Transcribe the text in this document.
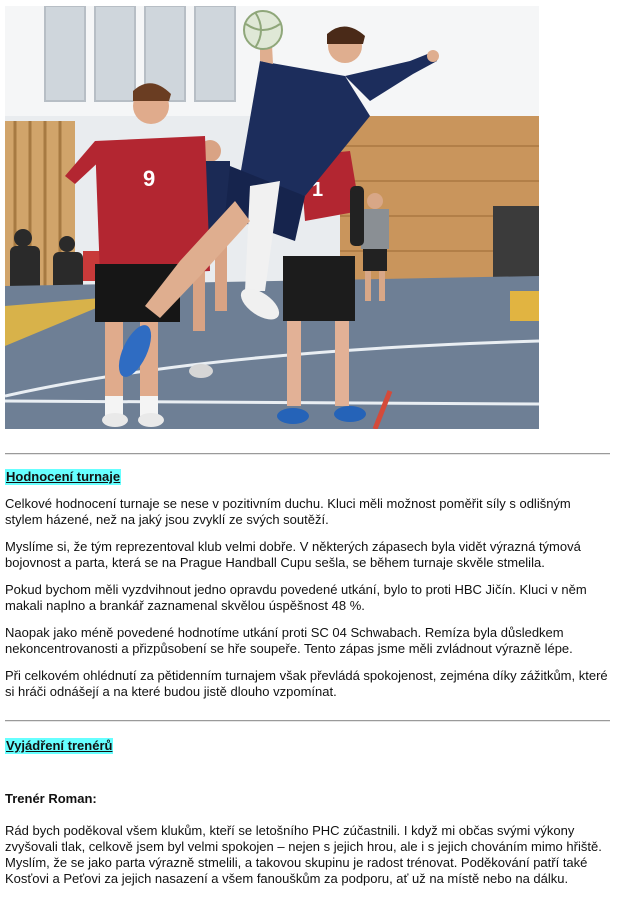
1
9
Hodnocení turnaje

Celkové hodnocení turnaje se nese v pozitivním duchu. Kluci měli možnost poměřit síly s odlišným stylem házené, než na jaký jsou zvyklí ze svých soutěží.

Myslíme si, že tým reprezentoval klub velmi dobře. V některých zápasech byla vidět výrazná týmová bojovnost a parta, která se na Prague Handball Cupu sešla, se během turnaje skvěle stmelila.

Pokud bychom měli vyzdvihnout jedno opravdu povedené utkání, bylo to proti HBC Jičín. Kluci v něm makali naplno a brankář zaznamenal skvělou úspěšnost 48 %.

Naopak jako méně povedené hodnotíme utkání proti SC 04 Schwabach. Remíza byla důsledkem nekoncentrovanosti a přizpůsobení se hře soupeře. Tento zápas jsme měli zvládnout výrazně lépe.

Při celkovém ohlédnutí za pětidenním turnajem však převládá spokojenost, zejména díky zážitkům, které si hráči odnášejí a na které budou jistě dlouho vzpomínat.

Vyjádření trenérů

Trenér Roman:

Rád bych poděkoval všem klukům, kteří se letošního PHC zúčastnili. I když mi občas svými výkony zvyšovali tlak, celkově jsem byl velmi spokojen – nejen s jejich hrou, ale i s jejich chováním mimo hřiště. Myslím, že se jako parta výrazně stmelili, a takovou skupinu je radost trénovat. Poděkování patří také Kosťovi a Peťovi za jejich nasazení a všem fanouškům za podporu, ať už na místě nebo na dálku.
